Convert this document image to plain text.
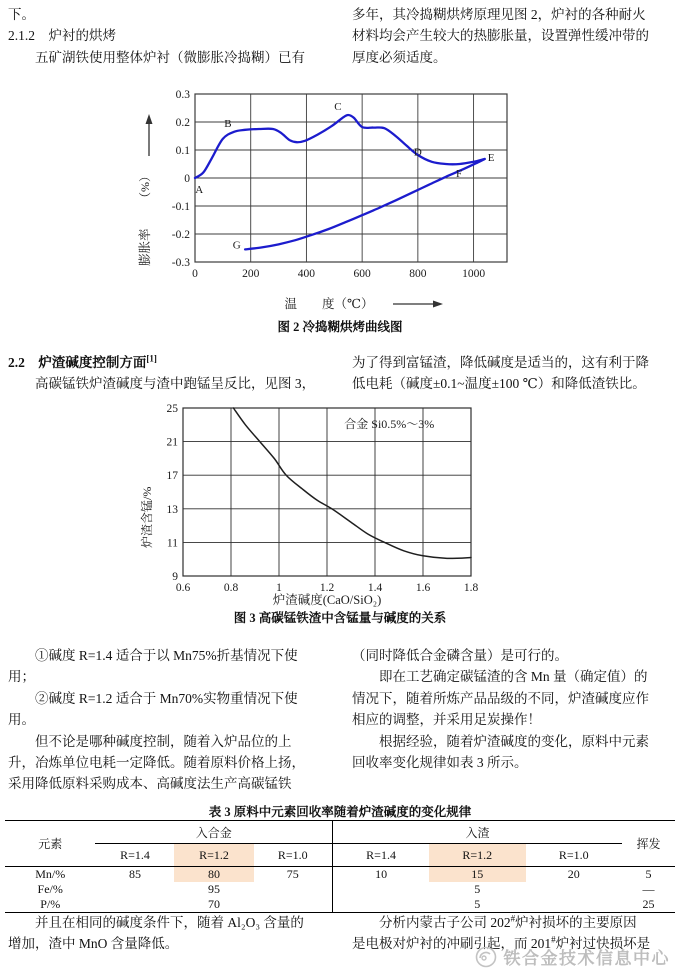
下。
2.1.2　炉衬的烘烤
　　五矿湖铁使用整体炉衬（微膨胀冷捣糊）已有
多年，其冷捣糊烘烤原理见图 2，炉衬的各种耐火
材料均会产生较大的热膨胀量，设置弹性缓冲带的
厚度必须适度。
0	200	400	600	800	1000
0.3
0.2
0.1
0
-0.1
-0.2
-0.3
A
B
C
D	E
F
G
膨胀率
（%）
温　　度（℃）
图 2 冷捣糊烘烤曲线图
2.2　 炉渣碱度控制方面[1]
　　高碳锰铁炉渣碱度与渣中跑锰呈反比，见图 3，
为了得到富锰渣，降低碱度是适当的，这有利于降
低电耗（碱度±0.1~温度±100 ℃）和降低渣铁比。
0.6	0.8	1	1.2	1.4	1.6	1.8
25
21
17
13
11
9
合金 Si0.5%～3%
炉渣含锰/%
炉渣碱度(CaO/SiO₂)
图 3 高碳锰铁渣中含锰量与碱度的关系
　　①碱度 R=1.4 适合于以 Mn75%折基情况下使
用；
　　②碱度 R=1.2 适合于 Mn70%实物重情况下使
用。
　　但不论是哪种碱度控制，随着入炉品位的上
升，冶炼单位电耗一定降低。随着原料价格上扬，
采用降低原料采购成本、高碱度法生产高碳锰铁
（同时降低合金磷含量）是可行的。
　　即在工艺确定碳锰渣的含 Mn 量（确定值）的
情况下，随着所炼产品品级的不同，炉渣碱度应作
相应的调整，并采用足炭操作！
　　根据经验，随着炉渣碱度的变化，原料中元素
回收率变化规律如表 3 所示。
表 3 原料中元素回收率随着炉渣碱度的变化规律
元素	入合金			入渣			挥发
	R=1.4	R=1.2	R=1.0	R=1.4	R=1.2	R=1.0	
Mn/%	85	80	75	10	15	20	5
Fe/%		95			5		—
P/%		70			5		25
　　并且在相同的碱度条件下，随着 Al₂O₃ 含量的
增加，渣中 MnO 含量降低。
　　分析内蒙古子公司 202#炉衬损坏的主要原因
是电极对炉衬的冲刷引起，而 201#炉衬过快损坏是
铁合金技术信息中心
